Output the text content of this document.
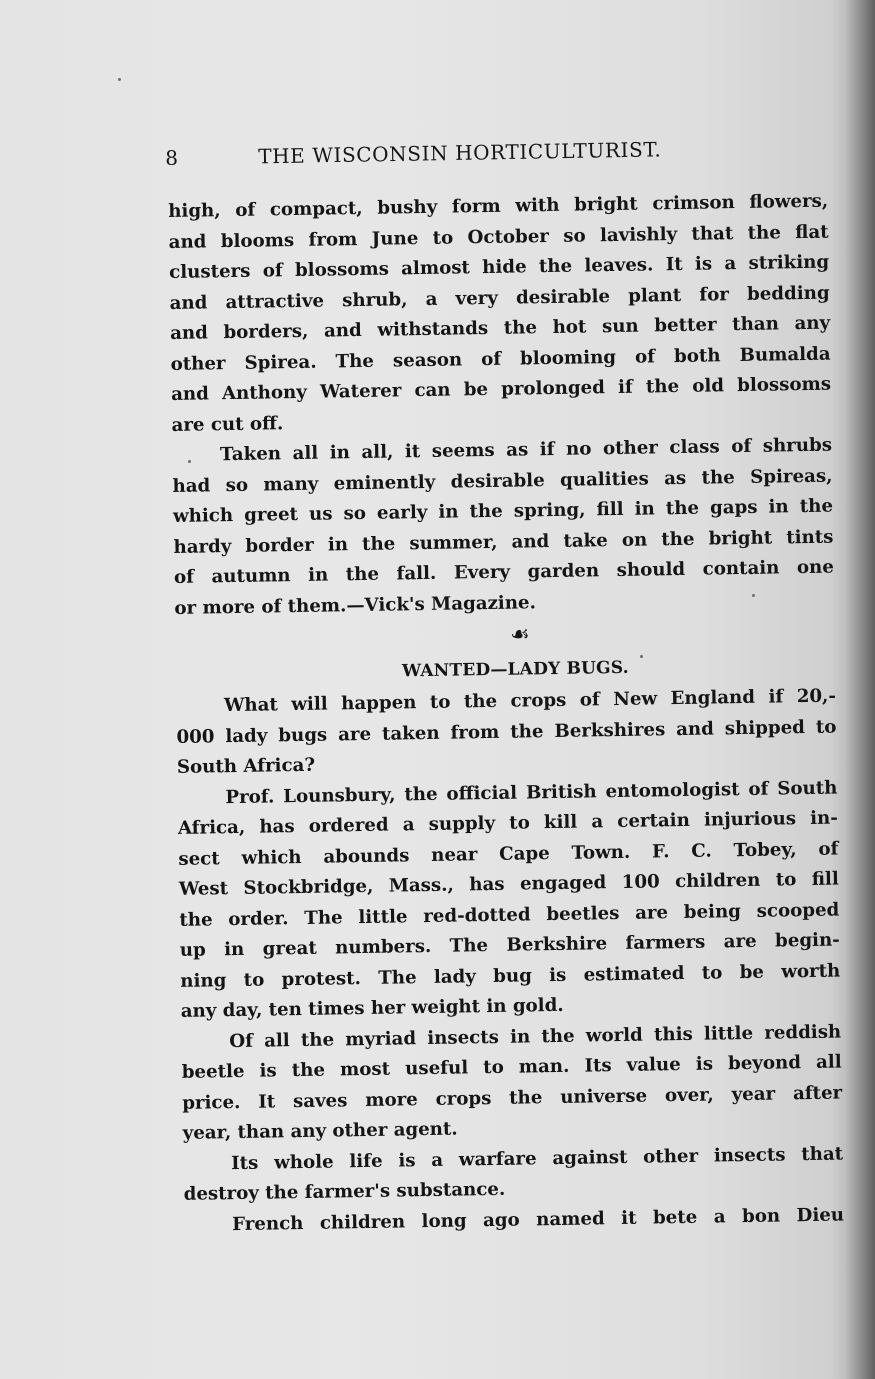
8	THE WISCONSIN HORTICULTURIST.
high, of compact, bushy form with bright crimson flowers,
and blooms from June to October so lavishly that the flat
clusters of blossoms almost hide the leaves. It is a striking
and attractive shrub, a very desirable plant for bedding
and borders, and withstands the hot sun better than any
other Spirea. The season of blooming of both Bumalda
and Anthony Waterer can be prolonged if the old blossoms
are cut off.
Taken all in all, it seems as if no other class of shrubs
had so many eminently desirable qualities as the Spireas,
which greet us so early in the spring, fill in the gaps in the
hardy border in the summer, and take on the bright tints
of autumn in the fall. Every garden should contain one
or more of them.—Vick's Magazine.
☙
WANTED—LADY BUGS.
What will happen to the crops of New England if 20,-
000 lady bugs are taken from the Berkshires and shipped to
South Africa?
Prof. Lounsbury, the official British entomologist of South
Africa, has ordered a supply to kill a certain injurious in-
sect which abounds near Cape Town. F. C. Tobey, of
West Stockbridge, Mass., has engaged 100 children to fill
the order. The little red-dotted beetles are being scooped
up in great numbers. The Berkshire farmers are begin-
ning to protest. The lady bug is estimated to be worth
any day, ten times her weight in gold.
Of all the myriad insects in the world this little reddish
beetle is the most useful to man. Its value is beyond all
price. It saves more crops the universe over, year after
year, than any other agent.
Its whole life is a warfare against other insects that
destroy the farmer's substance.
French children long ago named it bete a bon Dieu
